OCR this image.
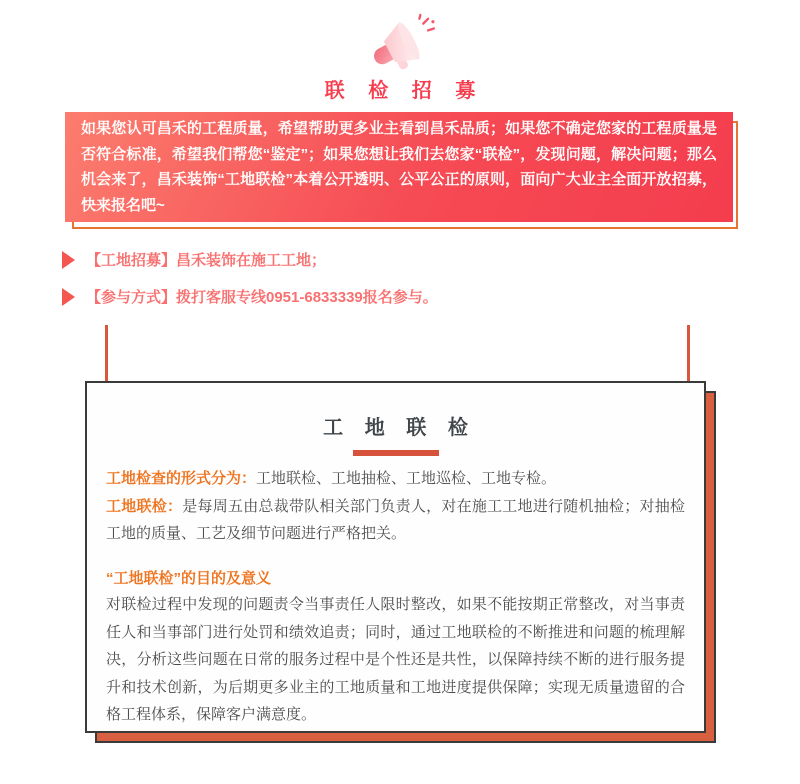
联 检 招 募
如果您认可昌禾的工程质量，希望帮助更多业主看到昌禾品质；如果您不确定您家的工程质量是否符合标准，希望我们帮您“鉴定”；如果您想让我们去您家“联检”，发现问题，解决问题；那么机会来了，昌禾装饰“工地联检”本着公开透明、公平公正的原则，面向广大业主全面开放招募，快来报名吧~
【工地招募】昌禾装饰在施工工地；
【参与方式】拨打客服专线0951-6833339报名参与。
工 地 联 检

工地检查的形式分为：工地联检、工地抽检、工地巡检、工地专检。

工地联检：是每周五由总裁带队相关部门负责人，对在施工工地进行随机抽检；对抽检工地的质量、工艺及细节问题进行严格把关。

“工地联检”的目的及意义

对联检过程中发现的问题责令当事责任人限时整改，如果不能按期正常整改，对当事责任人和当事部门进行处罚和绩效追责；同时，通过工地联检的不断推进和问题的梳理解决，分析这些问题在日常的服务过程中是个性还是共性，以保障持续不断的进行服务提升和技术创新，为后期更多业主的工地质量和工地进度提供保障；实现无质量遗留的合格工程体系，保障客户满意度。
